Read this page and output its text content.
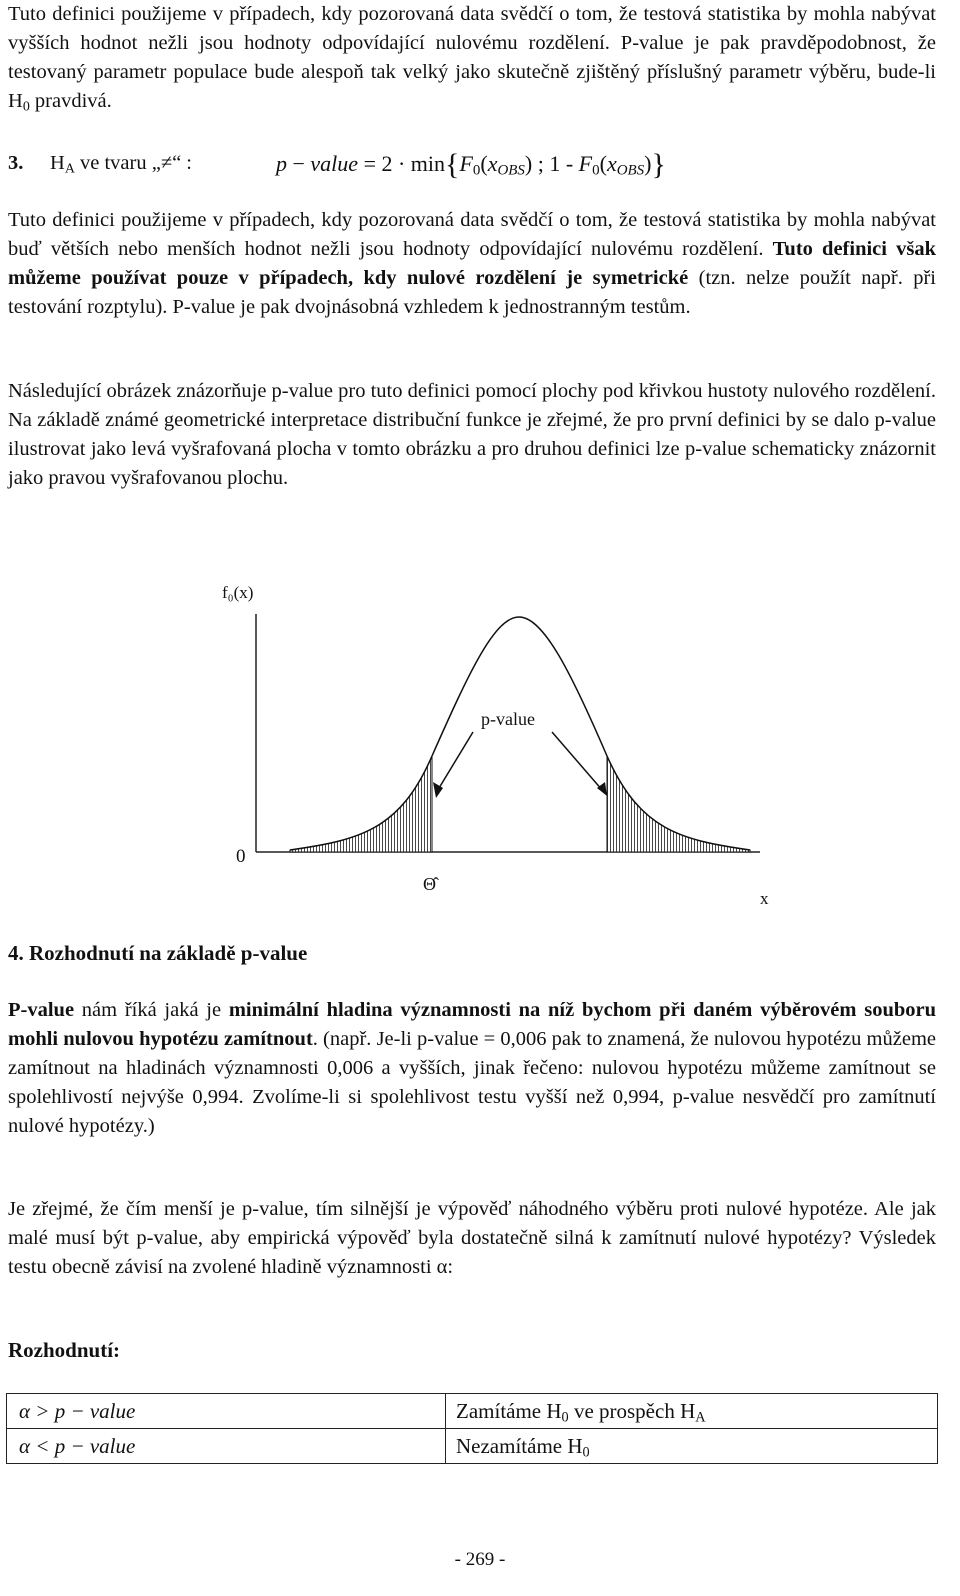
Tuto definici použijeme v případech, kdy pozorovaná data svědčí o tom, že testová statistika by mohla nabývat vyšších hodnot nežli jsou hodnoty odpovídající nulovému rozdělení. P-value je pak pravděpodobnost, že testovaný parametr populace bude alespoň tak velký jako skutečně zjištěný příslušný parametr výběru, bude-li $H_0$ pravdivá.

3. $H_A$ ve tvaru „≠“ :	p − value = $2 \cdot \min\{F_0(x_{OBS})$ ; $1 - F_0(x_{OBS})$}

Tuto definici použijeme v případech, kdy pozorovaná data svědčí o tom, že testová statistika by mohla nabývat buď větších nebo menších hodnot nežli jsou hodnoty odpovídající nulovému rozdělení. Tuto definici však můžeme používat pouze v případech, kdy nulové rozdělení je symetrické (tzn. nelze použít např. při testování rozptylu). P-value je pak dvojnásobná vzhledem k jednostranným testům.

Následující obrázek znázorňuje p-value pro tuto definici pomocí plochy pod křivkou hustoty nulového rozdělení. Na základě známé geometrické interpretace distribuční funkce je zřejmé, že pro první definici by se dalo p-value ilustrovat jako levá vyšrafovaná plocha v tomto obrázku a pro druhou definici lze p-value schematicky znázornit jako pravou vyšrafovanou plochu.

f₀(x)
p-value
0
Θ̂
x
4. Rozhodnutí na základě p-value

P-value nám říká jaká je minimální hladina významnosti na níž bychom při daném výběrovém souboru mohli nulovou hypotézu zamítnout. (např. Je-li p-value = 0,006 pak to znamená, že nulovou hypotézu můžeme zamítnout na hladinách významnosti 0,006 a vyšších, jinak řečeno: nulovou hypotézu můžeme zamítnout se spolehlivostí nejvýše 0,994. Zvolíme-li si spolehlivost testu vyšší než 0,994, p-value nesvědčí pro zamítnutí nulové hypotézy.)

Je zřejmé, že čím menší je p-value, tím silnější je výpověď náhodného výběru proti nulové hypotéze. Ale jak malé musí být p-value, aby empirická výpověď byla dostatečně silná k zamítnutí nulové hypotézy? Výsledek testu obecně závisí na zvolené hladině významnosti α:

Rozhodnutí:
α > p − value	Zamítáme $H_0$ ve prospěch $H_A$
α < p − value	Nezamítáme $H_0$
- 269 -
